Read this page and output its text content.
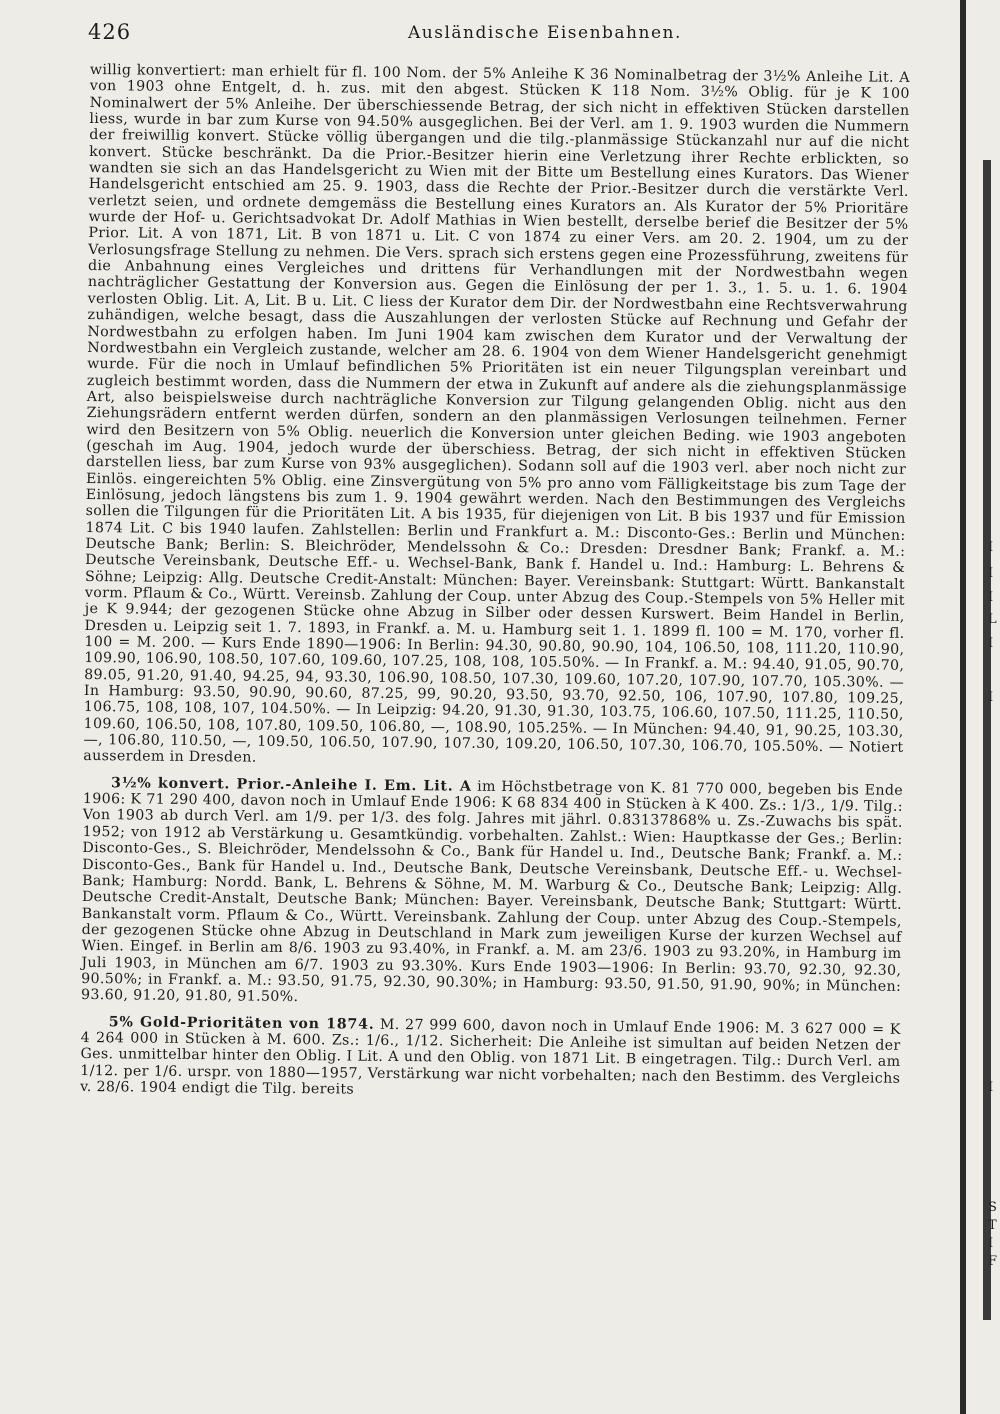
426	Ausländische Eisenbahnen.

willig konvertiert: man erhielt für fl. 100 Nom. der 5% Anleihe K 36 Nominalbetrag der 3½% Anleihe Lit. A von 1903 ohne Entgelt, d. h. zus. mit den abgest. Stücken K 118 Nom. 3½% Oblig. für je K 100 Nominalwert der 5% Anleihe. Der überschiessende Betrag, der sich nicht in effektiven Stücken darstellen liess, wurde in bar zum Kurse von 94.50% ausgeglichen. Bei der Verl. am 1. 9. 1903 wurden die Nummern der freiwillig konvert. Stücke völlig übergangen und die tilg.-planmässige Stückanzahl nur auf die nicht konvert. Stücke beschränkt. Da die Prior.-Besitzer hierin eine Verletzung ihrer Rechte erblickten, so wandten sie sich an das Handelsgericht zu Wien mit der Bitte um Bestellung eines Kurators. Das Wiener Handelsgericht entschied am 25. 9. 1903, dass die Rechte der Prior.-Besitzer durch die verstärkte Verl. verletzt seien, und ordnete demgemäss die Bestellung eines Kurators an. Als Kurator der 5% Prioritäre wurde der Hof- u. Gerichtsadvokat Dr. Adolf Mathias in Wien bestellt, derselbe berief die Besitzer der 5% Prior. Lit. A von 1871, Lit. B von 1871 u. Lit. C von 1874 zu einer Vers. am 20. 2. 1904, um zu der Verlosungsfrage Stellung zu nehmen. Die Vers. sprach sich erstens gegen eine Prozessführung, zweitens für die Anbahnung eines Vergleiches und drittens für Verhandlungen mit der Nordwestbahn wegen nachträglicher Gestattung der Konversion aus. Gegen die Einlösung der per 1. 3., 1. 5. u. 1. 6. 1904 verlosten Oblig. Lit. A, Lit. B u. Lit. C liess der Kurator dem Dir. der Nordwestbahn eine Rechtsverwahrung zuhändigen, welche besagt, dass die Auszahlungen der verlosten Stücke auf Rechnung und Gefahr der Nordwestbahn zu erfolgen haben. Im Juni 1904 kam zwischen dem Kurator und der Verwaltung der Nordwestbahn ein Vergleich zustande, welcher am 28. 6. 1904 von dem Wiener Handelsgericht genehmigt wurde. Für die noch in Umlauf befindlichen 5% Prioritäten ist ein neuer Tilgungsplan vereinbart und zugleich bestimmt worden, dass die Nummern der etwa in Zukunft auf andere als die ziehungsplanmässige Art, also beispielsweise durch nachträgliche Konversion zur Tilgung gelangenden Oblig. nicht aus den Ziehungsrädern entfernt werden dürfen, sondern an den planmässigen Verlosungen teilnehmen. Ferner wird den Besitzern von 5% Oblig. neuerlich die Konversion unter gleichen Beding. wie 1903 angeboten (geschah im Aug. 1904, jedoch wurde der überschiess. Betrag, der sich nicht in effektiven Stücken darstellen liess, bar zum Kurse von 93% ausgeglichen). Sodann soll auf die 1903 verl. aber noch nicht zur Einlös. eingereichten 5% Oblig. eine Zinsvergütung von 5% pro anno vom Fälligkeitstage bis zum Tage der Einlösung, jedoch längstens bis zum 1. 9. 1904 gewährt werden. Nach den Bestimmungen des Vergleichs sollen die Tilgungen für die Prioritäten Lit. A bis 1935, für diejenigen von Lit. B bis 1937 und für Emission 1874 Lit. C bis 1940 laufen. Zahlstellen: Berlin und Frankfurt a. M.: Disconto-Ges.: Berlin und München: Deutsche Bank; Berlin: S. Bleichröder, Mendelssohn & Co.: Dresden: Dresdner Bank; Frankf. a. M.: Deutsche Vereinsbank, Deutsche Eff.- u. Wechsel-Bank, Bank f. Handel u. Ind.: Hamburg: L. Behrens & Söhne; Leipzig: Allg. Deutsche Credit-Anstalt: München: Bayer. Vereinsbank: Stuttgart: Württ. Bankanstalt vorm. Pflaum & Co., Württ. Vereinsb. Zahlung der Coup. unter Abzug des Coup.-Stempels von 5% Heller mit je K 9.944; der gezogenen Stücke ohne Abzug in Silber oder dessen Kurswert. Beim Handel in Berlin, Dresden u. Leipzig seit 1. 7. 1893, in Frankf. a. M. u. Hamburg seit 1. 1. 1899 fl. 100 = M. 170, vorher fl. 100 = M. 200. — Kurs Ende 1890—1906: In Berlin: 94.30, 90.80, 90.90, 104, 106.50, 108, 111.20, 110.90, 109.90, 106.90, 108.50, 107.60, 109.60, 107.25, 108, 108, 105.50%. — In Frankf. a. M.: 94.40, 91.05, 90.70, 89.05, 91.20, 91.40, 94.25, 94, 93.30, 106.90, 108.50, 107.30, 109.60, 107.20, 107.90, 107.70, 105.30%. — In Hamburg: 93.50, 90.90, 90.60, 87.25, 99, 90.20, 93.50, 93.70, 92.50, 106, 107.90, 107.80, 109.25, 106.75, 108, 108, 107, 104.50%. — In Leipzig: 94.20, 91.30, 91.30, 103.75, 106.60, 107.50, 111.25, 110.50, 109.60, 106.50, 108, 107.80, 109.50, 106.80, —, 108.90, 105.25%. — In München: 94.40, 91, 90.25, 103.30, —, 106.80, 110.50, —, 109.50, 106.50, 107.90, 107.30, 109.20, 106.50, 107.30, 106.70, 105.50%. — Notiert ausserdem in Dresden.

3½% konvert. Prior.-Anleihe I. Em. Lit. A im Höchstbetrage von K. 81 770 000, begeben bis Ende 1906: K 71 290 400, davon noch in Umlauf Ende 1906: K 68 834 400 in Stücken à K 400. Zs.: 1/3., 1/9. Tilg.: Von 1903 ab durch Verl. am 1/9. per 1/3. des folg. Jahres mit jährl. 0.83137868% u. Zs.-Zuwachs bis spät. 1952; von 1912 ab Verstärkung u. Gesamtkündig. vorbehalten. Zahlst.: Wien: Hauptkasse der Ges.; Berlin: Disconto-Ges., S. Bleichröder, Mendelssohn & Co., Bank für Handel u. Ind., Deutsche Bank; Frankf. a. M.: Disconto-Ges., Bank für Handel u. Ind., Deutsche Bank, Deutsche Vereinsbank, Deutsche Eff.- u. Wechsel-Bank; Hamburg: Nordd. Bank, L. Behrens & Söhne, M. M. Warburg & Co., Deutsche Bank; Leipzig: Allg. Deutsche Credit-Anstalt, Deutsche Bank; München: Bayer. Vereinsbank, Deutsche Bank; Stuttgart: Württ. Bankanstalt vorm. Pflaum & Co., Württ. Vereinsbank. Zahlung der Coup. unter Abzug des Coup.-Stempels, der gezogenen Stücke ohne Abzug in Deutschland in Mark zum jeweiligen Kurse der kurzen Wechsel auf Wien. Eingef. in Berlin am 8/6. 1903 zu 93.40%, in Frankf. a. M. am 23/6. 1903 zu 93.20%, in Hamburg im Juli 1903, in München am 6/7. 1903 zu 93.30%. Kurs Ende 1903—1906: In Berlin: 93.70, 92.30, 92.30, 90.50%; in Frankf. a. M.: 93.50, 91.75, 92.30, 90.30%; in Hamburg: 93.50, 91.50, 91.90, 90%; in München: 93.60, 91.20, 91.80, 91.50%.

5% Gold-Prioritäten von 1874. M. 27 999 600, davon noch in Umlauf Ende 1906: M. 3 627 000 = K 4 264 000 in Stücken à M. 600. Zs.: 1/6., 1/12. Sicherheit: Die Anleihe ist simultan auf beiden Netzen der Ges. unmittelbar hinter den Oblig. I Lit. A und den Oblig. von 1871 Lit. B eingetragen. Tilg.: Durch Verl. am 1/12. per 1/6. urspr. von 1880—1957, Verstärkung war nicht vorbehalten; nach den Bestimm. des Vergleichs v. 28/6. 1904 endigt die Tilg. bereits

I
I
I
L
I
I
I
S
T
I
F
